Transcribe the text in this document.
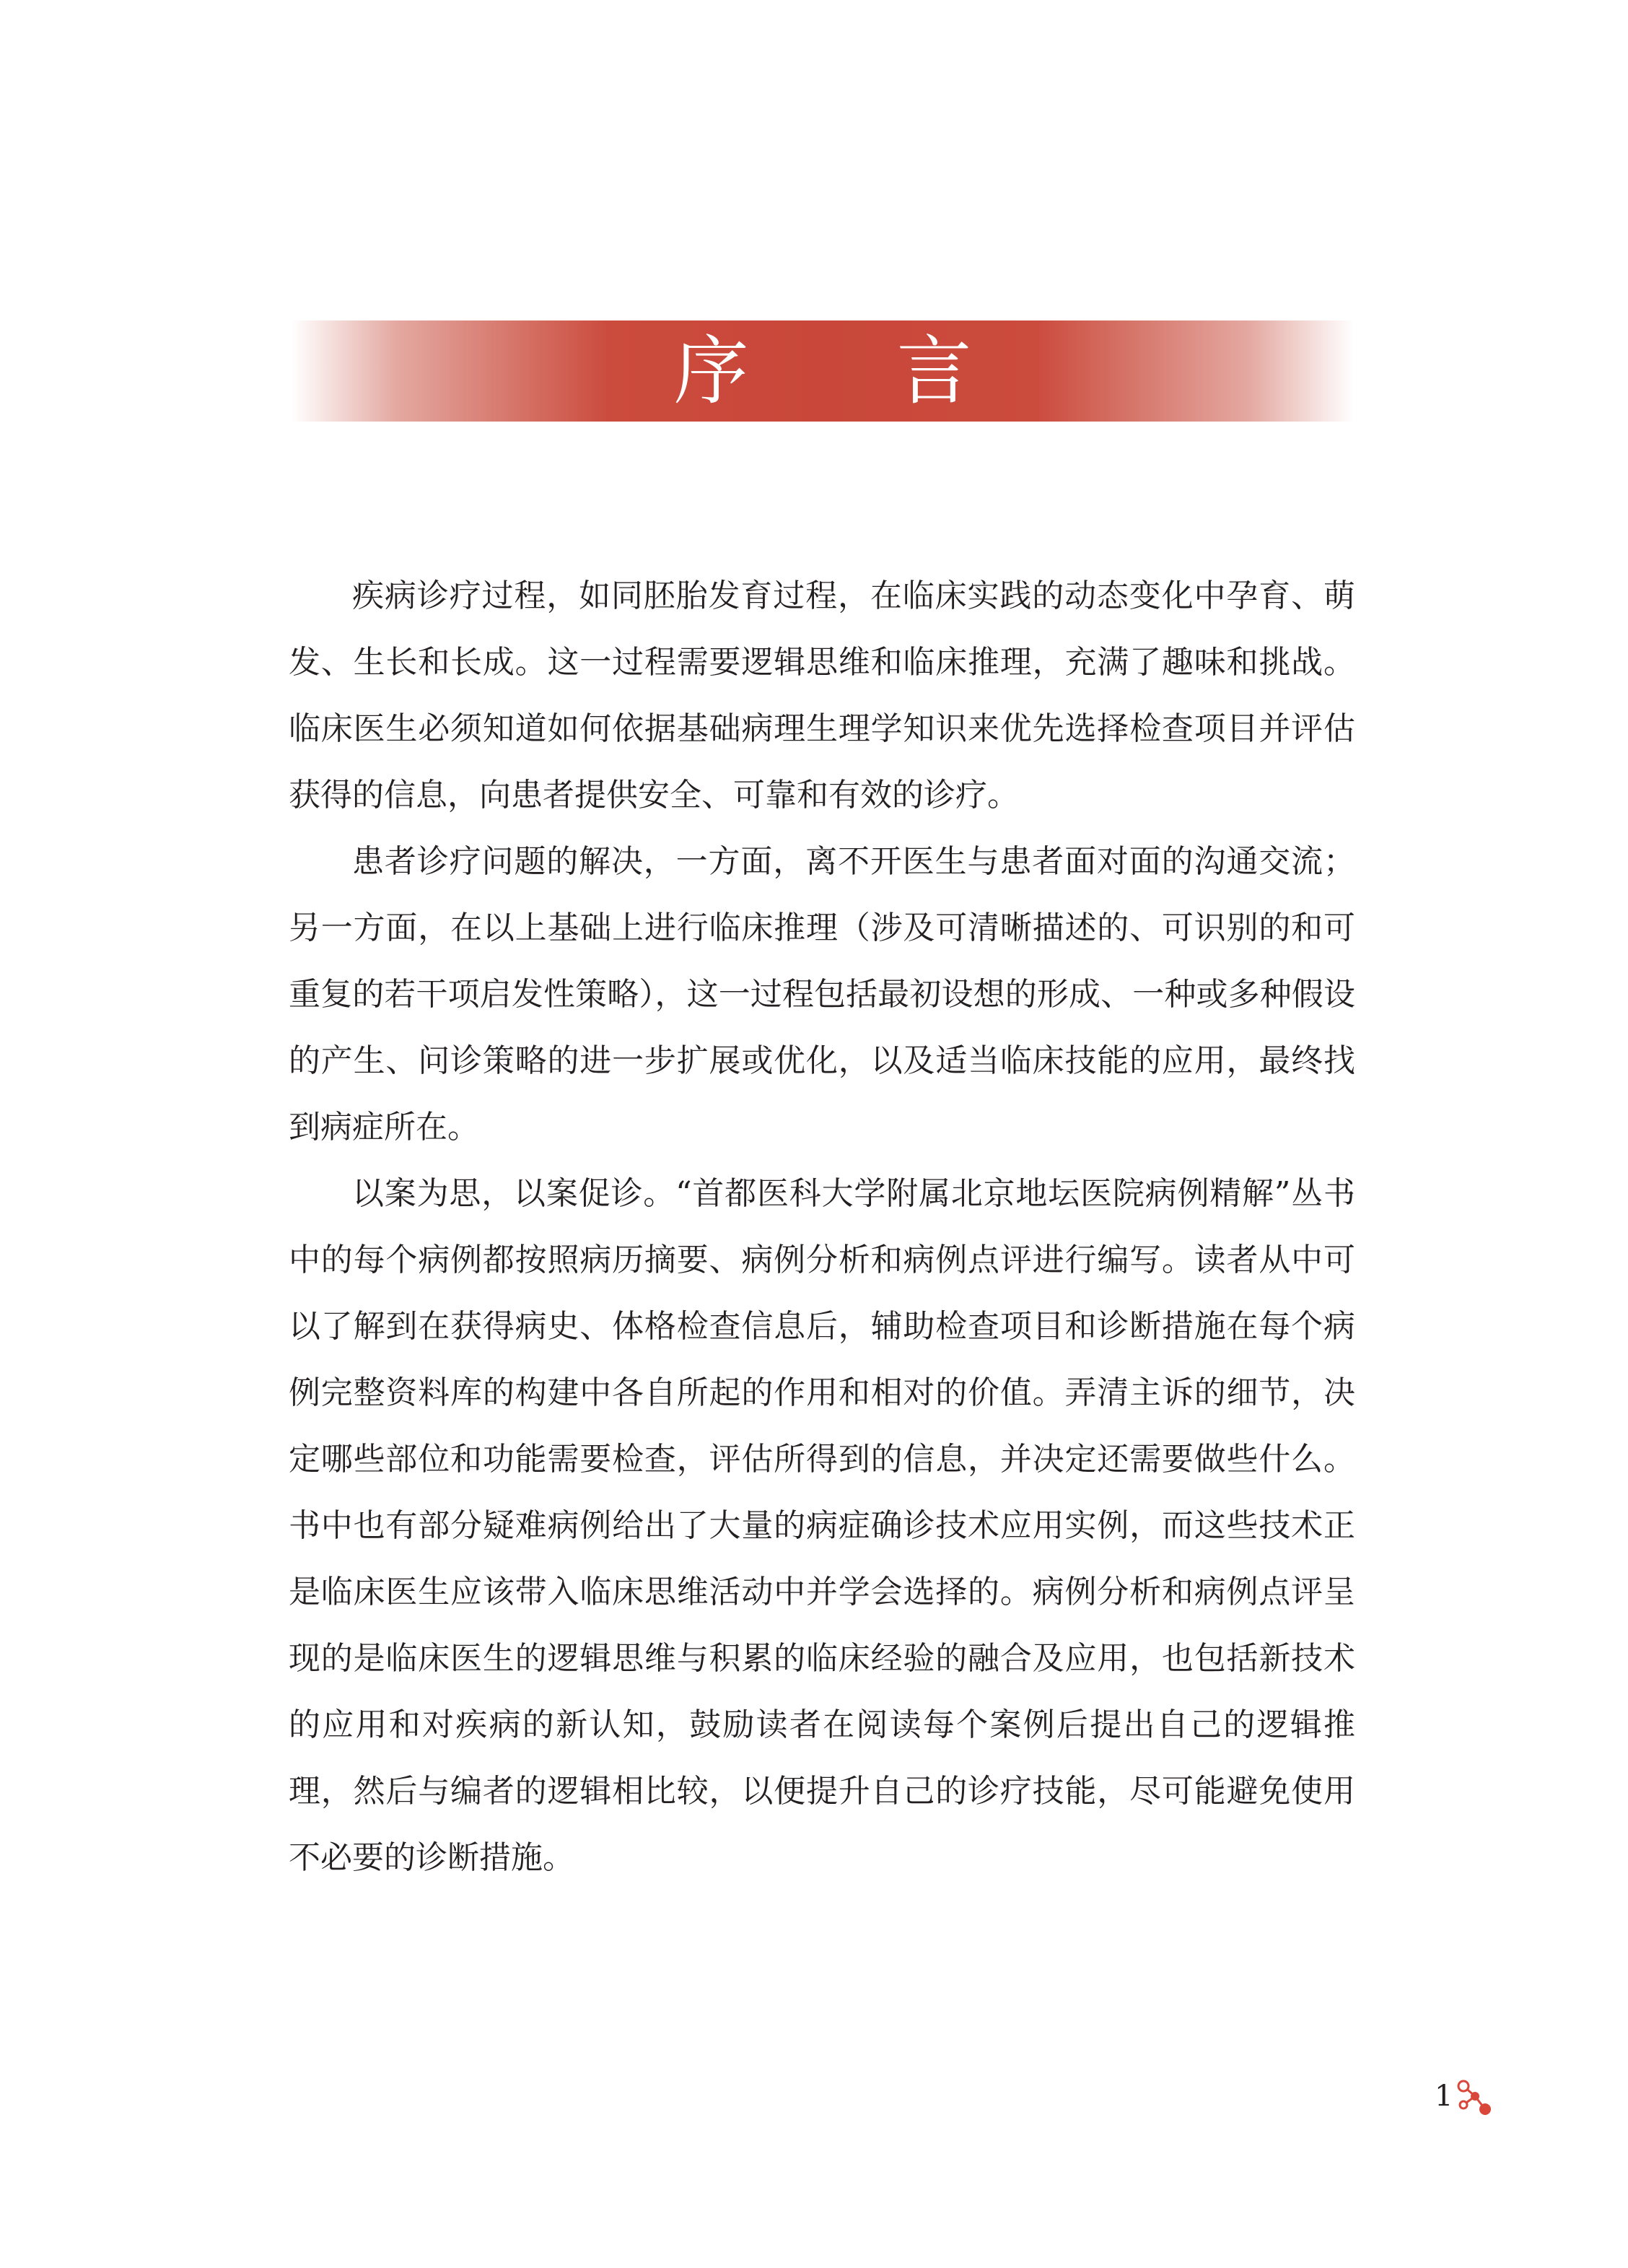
序 言

疾病诊疗过程，如同胚胎发育过程，在临床实践的动态变化中孕育、萌发、生长和长成。这一过程需要逻辑思维和临床推理，充满了趣味和挑战。临床医生必须知道如何依据基础病理生理学知识来优先选择检查项目并评估获得的信息，向患者提供安全、可靠和有效的诊疗。

患者诊疗问题的解决，一方面，离不开医生与患者面对面的沟通交流；另一方面，在以上基础上进行临床推理（涉及可清晰描述的、可识别的和可重复的若干项启发性策略），这一过程包括最初设想的形成、一种或多种假设的产生、问诊策略的进一步扩展或优化，以及适当临床技能的应用，最终找到病症所在。

以案为思，以案促诊。“首都医科大学附属北京地坛医院病例精解”丛书中的每个病例都按照病历摘要、病例分析和病例点评进行编写。读者从中可以了解到在获得病史、体格检查信息后，辅助检查项目和诊断措施在每个病例完整资料库的构建中各自所起的作用和相对的价值。弄清主诉的细节，决定哪些部位和功能需要检查，评估所得到的信息，并决定还需要做些什么。书中也有部分疑难病例给出了大量的病症确诊技术应用实例，而这些技术正是临床医生应该带入临床思维活动中并学会选择的。病例分析和病例点评呈现的是临床医生的逻辑思维与积累的临床经验的融合及应用，也包括新技术的应用和对疾病的新认知，鼓励读者在阅读每个案例后提出自己的逻辑推理，然后与编者的逻辑相比较，以便提升自己的诊疗技能，尽可能避免使用不必要的诊断措施。

1
